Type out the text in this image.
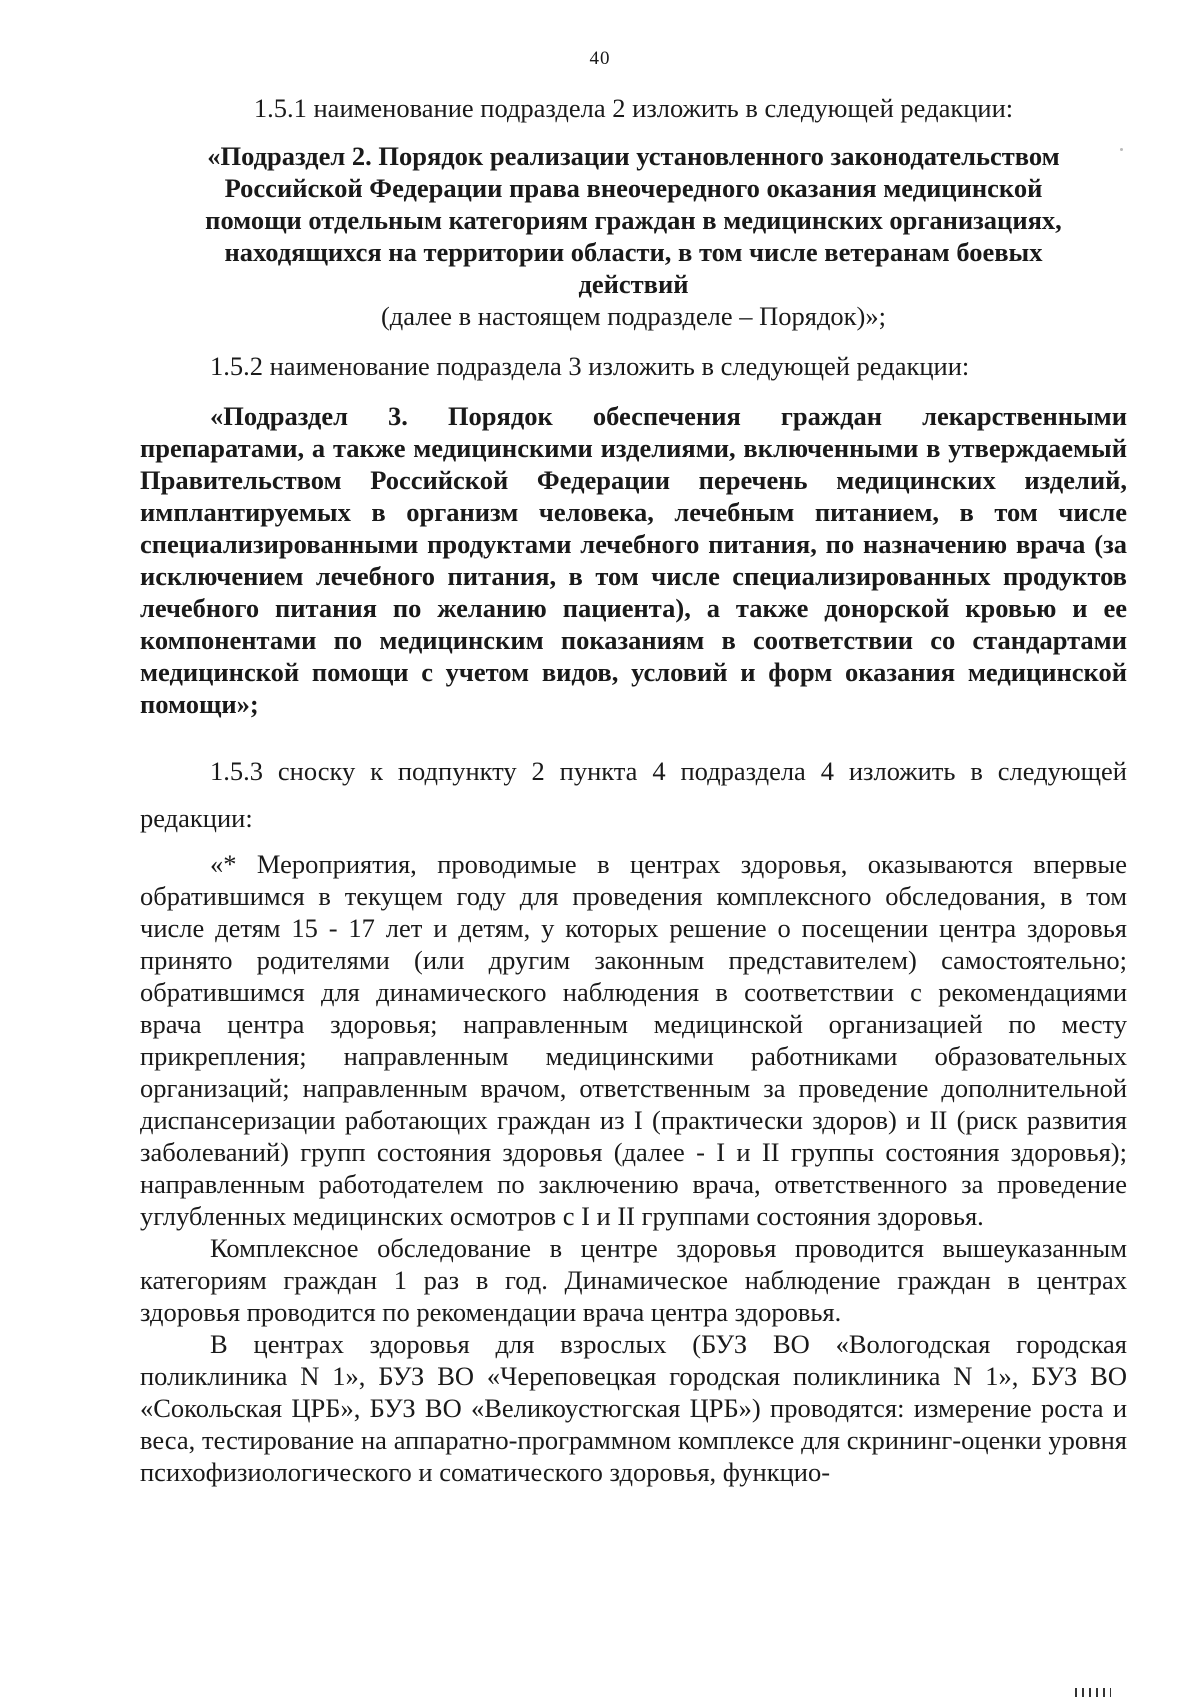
40

1.5.1 наименование подраздела 2 изложить в следующей редакции:

«Подраздел 2. Порядок реализации установленного законодательством Российской Федерации права внеочередного оказания медицинской помощи отдельным категориям граждан в медицинских организациях, находящихся на территории области, в том числе ветеранам боевых действий

(далее в настоящем подразделе – Порядок)»;

1.5.2 наименование подраздела 3 изложить в следующей редакции:

«Подраздел 3. Порядок обеспечения граждан лекарственными препаратами, а также медицинскими изделиями, включенными в утверждаемый Правительством Российской Федерации перечень медицинских изделий, имплантируемых в организм человека, лечебным питанием, в том числе специализированными продуктами лечебного питания, по назначению врача (за исключением лечебного питания, в том числе специализированных продуктов лечебного питания по желанию пациента), а также донорской кровью и ее компонентами по медицинским показаниям в соответствии со стандартами медицинской помощи с учетом видов, условий и форм оказания медицинской помощи»;

1.5.3 сноску к подпункту 2 пункта 4 подраздела 4 изложить в следующей редакции:

«* Мероприятия, проводимые в центрах здоровья, оказываются впервые обратившимся в текущем году для проведения комплексного обследования, в том числе детям 15 - 17 лет и детям, у которых решение о посещении центра здоровья принято родителями (или другим законным представителем) самостоятельно; обратившимся для динамического наблюдения в соответствии с рекомендациями врача центра здоровья; направленным медицинской организацией по месту прикрепления; направленным медицинскими работниками образовательных организаций; направленным врачом, ответственным за проведение дополнительной диспансеризации работающих граждан из I (практически здоров) и II (риск развития заболеваний) групп состояния здоровья (далее - I и II группы состояния здоровья); направленным работодателем по заключению врача, ответственного за проведение углубленных медицинских осмотров с I и II группами состояния здоровья.

Комплексное обследование в центре здоровья проводится вышеуказанным категориям граждан 1 раз в год. Динамическое наблюдение граждан в центрах здоровья проводится по рекомендации врача центра здоровья.

В центрах здоровья для взрослых (БУЗ ВО «Вологодская городская поликлиника N 1», БУЗ ВО «Череповецкая городская поликлиника N 1», БУЗ ВО «Сокольская ЦРБ», БУЗ ВО «Великоустюгская ЦРБ») проводятся: измерение роста и веса, тестирование на аппаратно-программном комплексе для скрининг-оценки уровня психофизиологического и соматического здоровья, функцио-
